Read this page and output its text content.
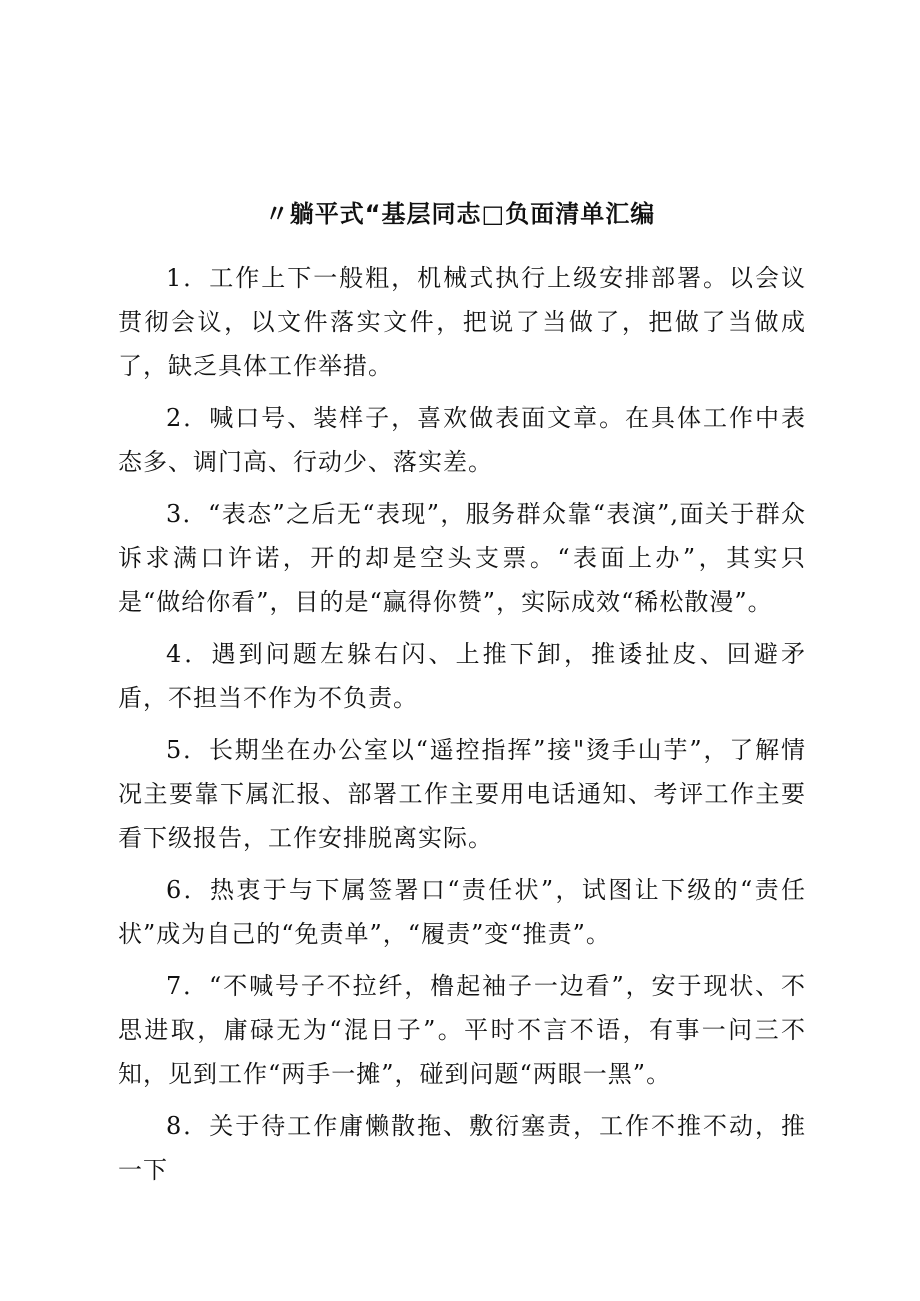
〃躺平式“基层同志□负面清单汇编

1．工作上下一般粗，机械式执行上级安排部署。以会议贯彻会议，以文件落实文件，把说了当做了，把做了当做成了，缺乏具体工作举措。

2．喊口号、装样子，喜欢做表面文章。在具体工作中表态多、调门高、行动少、落实差。

3．“表态”之后无“表现”，服务群众靠“表演”,面关于群众诉求满口许诺，开的却是空头支票。“表面上办”，其实只是“做给你看”，目的是“赢得你赞”，实际成效“稀松散漫”。

4．遇到问题左躲右闪、上推下卸，推诿扯皮、回避矛盾，不担当不作为不负责。

5．长期坐在办公室以“遥控指挥”接"烫手山芋”，了解情况主要靠下属汇报、部署工作主要用电话通知、考评工作主要看下级报告，工作安排脱离实际。

6．热衷于与下属签署口“责任状”，试图让下级的“责任状”成为自己的“免责单”，“履责”变“推责”。

7．“不喊号子不拉纤，橹起袖子一边看”，安于现状、不思进取，庸碌无为“混日子”。平时不言不语，有事一问三不知，见到工作“两手一摊”，碰到问题“两眼一黑”。

8．关于待工作庸懒散拖、敷衍塞责，工作不推不动，推一下
